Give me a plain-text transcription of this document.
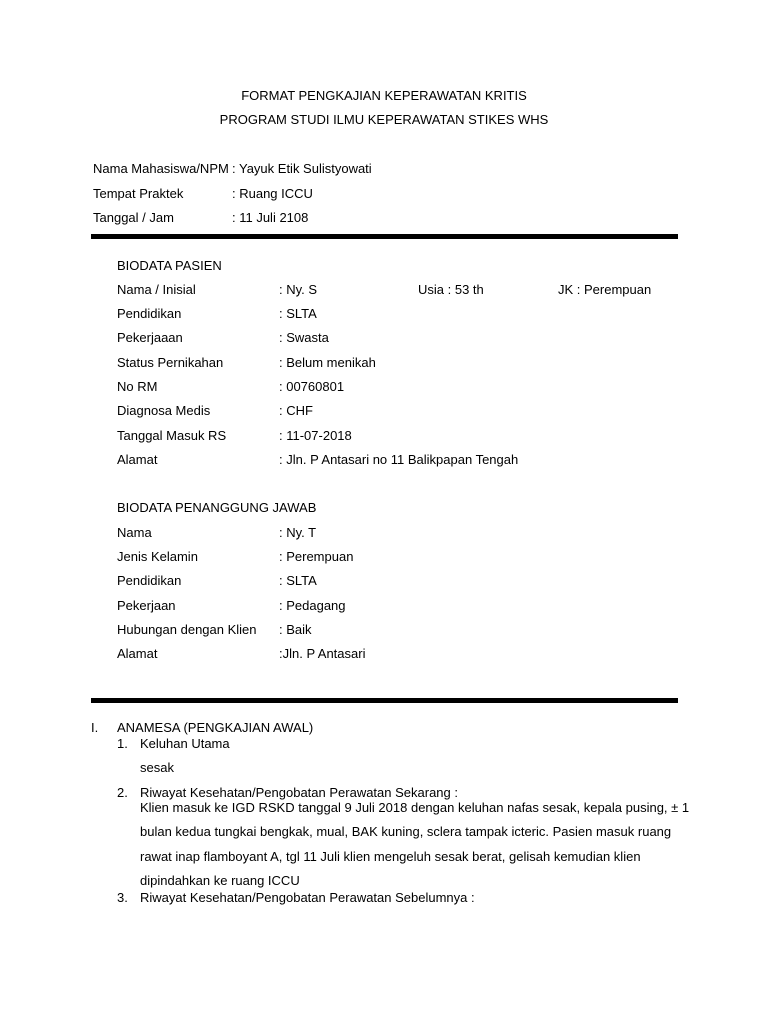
FORMAT PENGKAJIAN KEPERAWATAN KRITIS
PROGRAM STUDI ILMU KEPERAWATAN STIKES WHS
Nama Mahasiswa/NPM : Yayuk Etik Sulistyowati
Tempat Praktek	: Ruang ICCU
Tanggal / Jam	: 11 Juli 2108
BIODATA PASIEN
Nama / Inisial	: Ny. S	Usia : 53 th	JK : Perempuan
Pendidikan	: SLTA
Pekerjaaan	: Swasta
Status Pernikahan	: Belum menikah
No RM	: 00760801
Diagnosa Medis	: CHF
Tanggal Masuk RS	: 11-07-2018
Alamat	: Jln. P Antasari no 11 Balikpapan Tengah
BIODATA PENANGGUNG JAWAB
Nama	: Ny. T
Jenis Kelamin	: Perempuan
Pendidikan	: SLTA
Pekerjaan	: Pedagang
Hubungan dengan Klien : Baik
Alamat	:Jln. P Antasari
I. ANAMESA (PENGKAJIAN AWAL)
1. Keluhan Utama
sesak
2. Riwayat Kesehatan/Pengobatan Perawatan Sekarang :
Klien masuk ke IGD RSKD tanggal 9 Juli 2018 dengan keluhan nafas sesak, kepala pusing, ± 1
bulan kedua tungkai bengkak, mual, BAK kuning, sclera tampak icteric. Pasien masuk ruang
rawat inap flamboyant A, tgl 11 Juli klien mengeluh sesak berat, gelisah kemudian klien
dipindahkan ke ruang ICCU
3. Riwayat Kesehatan/Pengobatan Perawatan Sebelumnya :
